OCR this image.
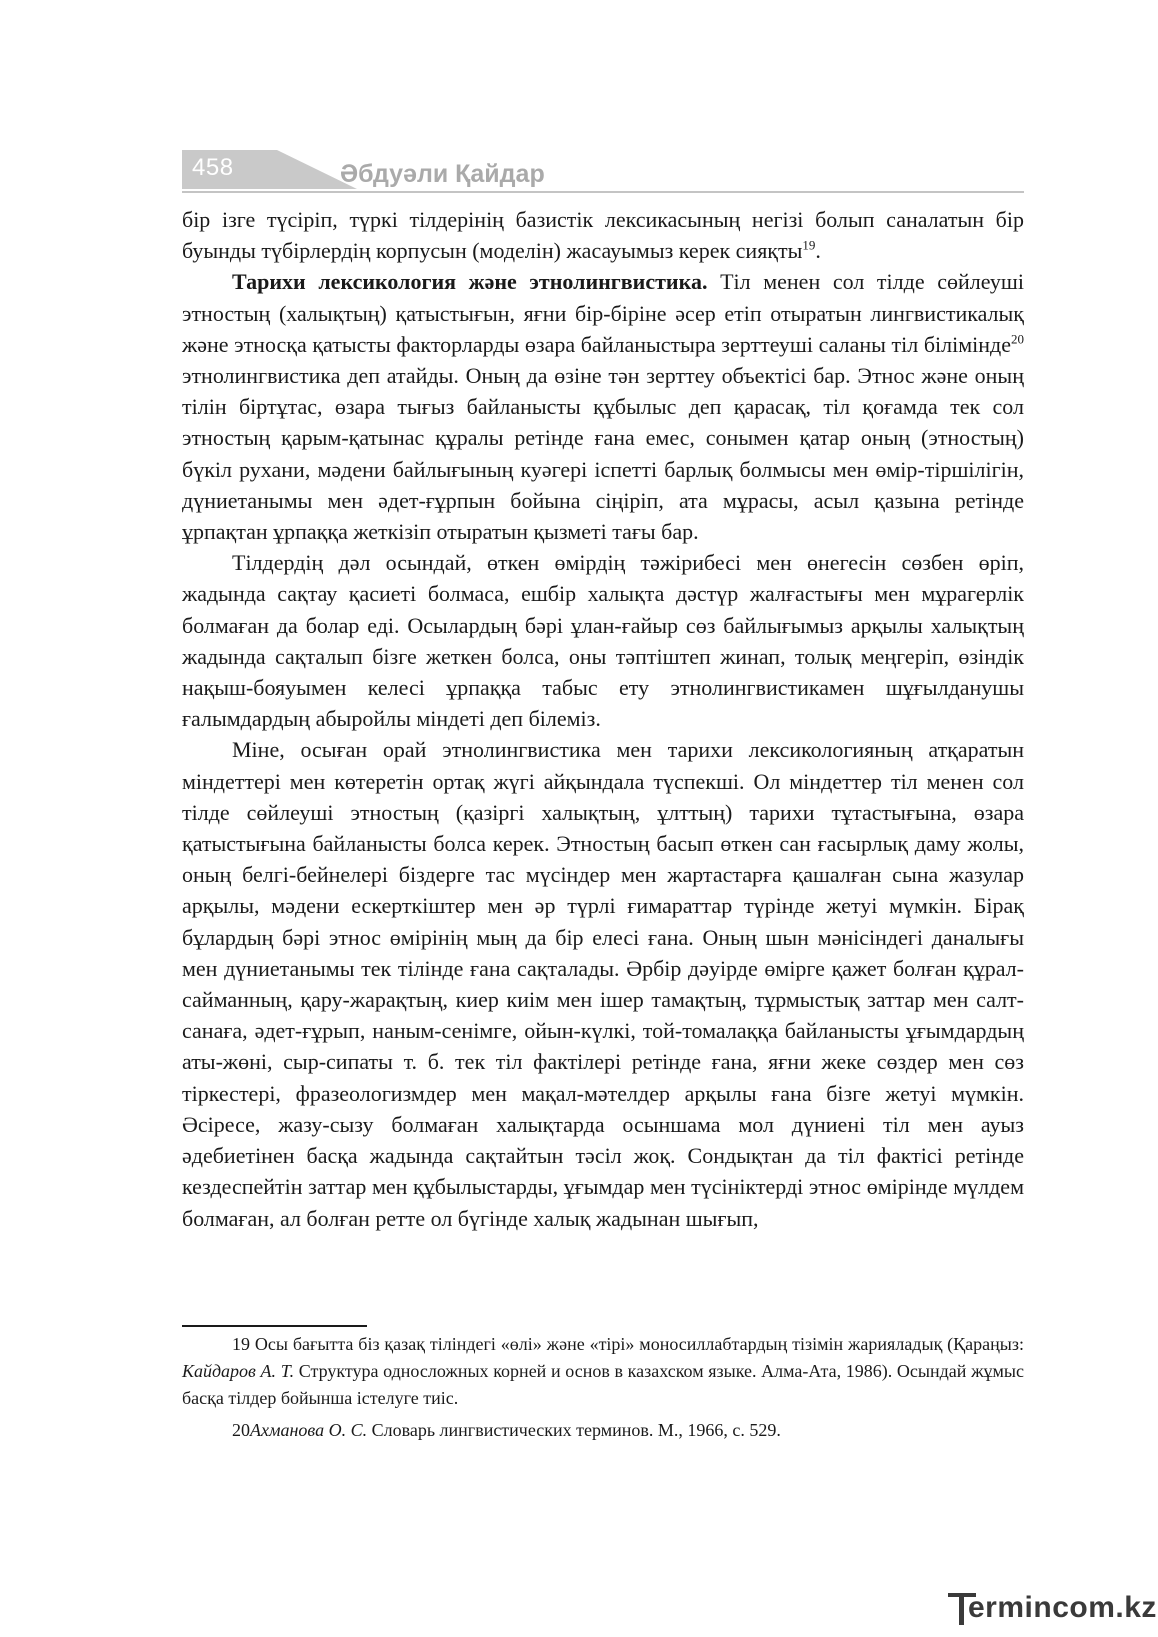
458	Әбдуәли Қайдар

бір ізге түсіріп, түркі тілдерінің базистік лексикасының негізі болып саналатын бір буынды түбірлердің корпусын (моделін) жасауымыз керек сияқты$^{19}$.

Тарихи лексикология және этнолингвистика. Тіл менен сол тілде сөйлеуші этностың (халықтың) қатыстығын, яғни бір-біріне әсер етіп отыратын лингвистикалық және этносқа қатысты факторларды өзара байланыстыра зерттеуші саланы тіл білімінде$^{20}$ этнолингвистика деп атайды. Оның да өзіне тән зерттеу объектісі бар. Этнос және оның тілін біртұтас, өзара тығыз байланысты құбылыс деп қарасақ, тіл қоғамда тек сол этностың қарым-қатынас құралы ретінде ғана емес, сонымен қатар оның (этностың) бүкіл рухани, мәдени байлығының куәгері іспетті барлық болмысы мен өмір-тіршілігін, дүниетанымы мен әдет-ғұрпын бойына сіңіріп, ата мұрасы, асыл қазына ретінде ұрпақтан ұрпаққа жеткізіп отыратын қызметі тағы бар.

Тілдердің дәл осындай, өткен өмірдің тәжірибесі мен өнегесін сөзбен өріп, жадында сақтау қасиеті болмаса, ешбір халықта дәстүр жалғастығы мен мұрагерлік болмаған да болар еді. Осылардың бәрі ұлан-ғайыр сөз байлығымыз арқылы халықтың жадында сақталып бізге жеткен болса, оны тәптіштеп жинап, толық меңгеріп, өзіндік нақыш-бояуымен келесі ұрпаққа табыс ету этнолингвистикамен шұғылданушы ғалымдардың абыройлы міндеті деп білеміз.

Міне, осыған орай этнолингвистика мен тарихи лексикологияның атқаратын міндеттері мен көтеретін ортақ жүгі айқындала түспекші. Ол міндеттер тіл менен сол тілде сөйлеуші этностың (қазіргі халықтың, ұлттың) тарихи тұтастығына, өзара қатыстығына байланысты болса керек. Этностың басып өткен сан ғасырлық даму жолы, оның белгі-бейнелері біздерге тас мүсіндер мен жартастарға қашалған сына жазулар арқылы, мәдени ескерткіштер мен әр түрлі ғимараттар түрінде жетуі мүмкін. Бірақ бұлардың бәрі этнос өмірінің мың да бір елесі ғана. Оның шын мәнісіндегі даналығы мен дүниетанымы тек тілінде ғана сақталады. Әрбір дәуірде өмірге қажет болған құрал-сайманның, қару-жарақтың, киер киім мен ішер тамақтың, тұрмыстық заттар мен салт-санаға, әдет-ғұрып, наным-сенімге, ойын-күлкі, той-томалаққа байланысты ұғымдардың аты-жөні, сыр-сипаты т. б. тек тіл фактілері ретінде ғана, яғни жеке сөздер мен сөз тіркестері, фразеологизмдер мен мақал-мәтелдер арқылы ғана бізге жетуі мүмкін. Әсіресе, жазу-сызу болмаған халықтарда осыншама мол дүниені тіл мен ауыз әдебиетінен басқа жадында сақтайтын тәсіл жоқ. Сондықтан да тіл фактісі ретінде кездеспейтін заттар мен құбылыстарды, ұғымдар мен түсініктерді этнос өмірінде мүлдем болмаған, ал болған ретте ол бүгінде халық жадынан шығып,

19 Осы бағытта біз қазақ тіліндегі «өлі» және «тірі» моносиллабтардың тізімін жарияладық (Қараңыз: Кайдаров А. Т. Структура односложных корней и основ в казахском языке. Алма-Ата, 1986). Осындай жұмыс басқа тілдер бойынша істелуге тиіс.

20Ахманова О. С. Словарь лингвистических терминов. М., 1966, с. 529.

ermincom.kz
